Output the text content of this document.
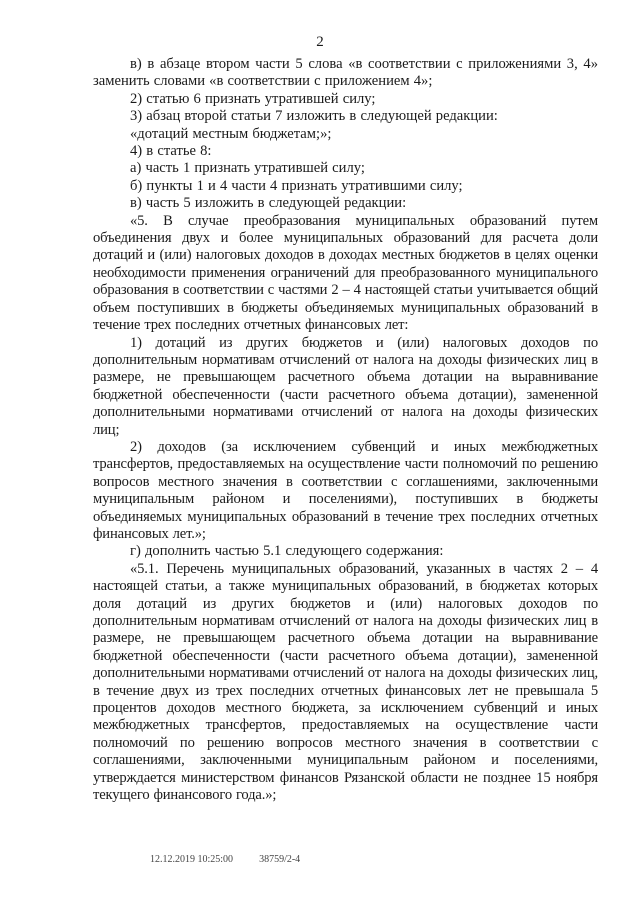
2

в) в абзаце втором части 5 слова «в соответствии с приложениями 3, 4» заменить словами «в соответствии с приложением 4»;

2) статью 6 признать утратившей силу;

3) абзац второй статьи 7 изложить в следующей редакции:

«дотаций местным бюджетам;»;

4) в статье 8:

а) часть 1 признать утратившей силу;

б) пункты 1 и 4 части 4 признать утратившими силу;

в) часть 5 изложить в следующей редакции:

«5. В случае преобразования муниципальных образований путем объединения двух и более муниципальных образований для расчета доли дотаций и (или) налоговых доходов в доходах местных бюджетов в целях оценки необходимости применения ограничений для преобразованного муниципального образования в соответствии с частями 2 – 4 настоящей статьи учитывается общий объем поступивших в бюджеты объединяемых муниципальных образований в течение трех последних отчетных финансовых лет:

1) дотаций из других бюджетов и (или) налоговых доходов по дополнительным нормативам отчислений от налога на доходы физических лиц в размере, не превышающем расчетного объема дотации на выравнивание бюджетной обеспеченности (части расчетного объема дотации), замененной дополнительными нормативами отчислений от налога на доходы физических лиц;

2) доходов (за исключением субвенций и иных межбюджетных трансфертов, предоставляемых на осуществление части полномочий по решению вопросов местного значения в соответствии с соглашениями, заключенными муниципальным районом и поселениями), поступивших в бюджеты объединяемых муниципальных образований в течение трех последних отчетных финансовых лет.»;

г) дополнить частью 5.1 следующего содержания:

«5.1. Перечень муниципальных образований, указанных в частях 2 – 4 настоящей статьи, а также муниципальных образований, в бюджетах которых доля дотаций из других бюджетов и (или) налоговых доходов по дополнительным нормативам отчислений от налога на доходы физических лиц в размере, не превышающем расчетного объема дотации на выравнивание бюджетной обеспеченности (части расчетного объема дотации), замененной дополнительными нормативами отчислений от налога на доходы физических лиц, в течение двух из трех последних отчетных финансовых лет не превышала 5 процентов доходов местного бюджета, за исключением субвенций и иных межбюджетных трансфертов, предоставляемых на осуществление части полномочий по решению вопросов местного значения в соответствии с соглашениями, заключенными муниципальным районом и поселениями, утверждается министерством финансов Рязанской области не позднее 15 ноября текущего финансового года.»;

12.12.2019 10:25:00	38759/2-4
